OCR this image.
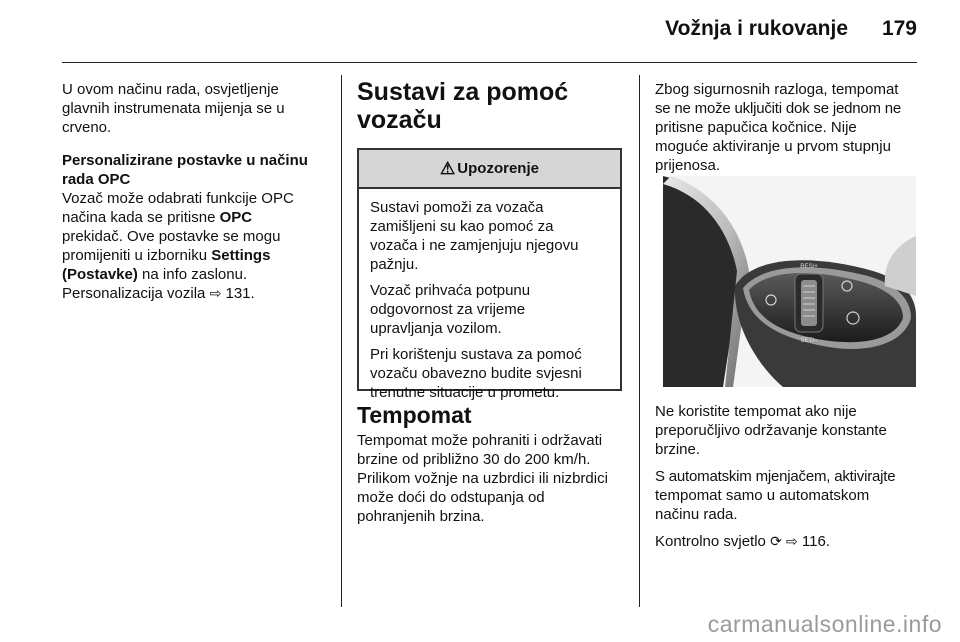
Vožnja i rukovanje 179

U ovom načinu rada, osvjetljenje
glavnih instrumenata mijenja se u
crveno.

Personalizirane postavke u načinu
rada OPC

Vozač može odabrati funkcije OPC
načina kada se pritisne OPC
prekidač. Ove postavke se mogu
promijeniti u izborniku Settings
(Postavke) na info zaslonu.
Personalizacija vozila ⇨ 131.

Sustavi za pomoć
vozaču
⚠ Upozorenje

Sustavi pomoži za vozača
zamišljeni su kao pomoć za
vozača i ne zamjenjuju njegovu
pažnju.

Vozač prihvaća potpunu
odgovornost za vrijeme
upravljanja vozilom.

Pri korištenju sustava za pomoć
vozaču obavezno budite svjesni
trenutne situacije u prometu.

Tempomat

Tempomat može pohraniti i održavati
brzine od približno 30 do 200 km/h.
Prilikom vožnje na uzbrdici ili nizbrdici
može doći do odstupanja od
pohranjenih brzina.

Zbog sigurnosnih razloga, tempomat
se ne može uključiti dok se jednom ne
pritisne papučica kočnice. Nije
moguće aktiviranje u prvom stupnju
prijenosa.

RES/+
SET/–

Ne koristite tempomat ako nije
preporučljivo održavanje konstante
brzine.

S automatskim mjenjačem, aktivirajte
tempomat samo u automatskom
načinu rada.

Kontrolno svjetlo ⟳ ⇨ 116.

carmanualsonline.info
